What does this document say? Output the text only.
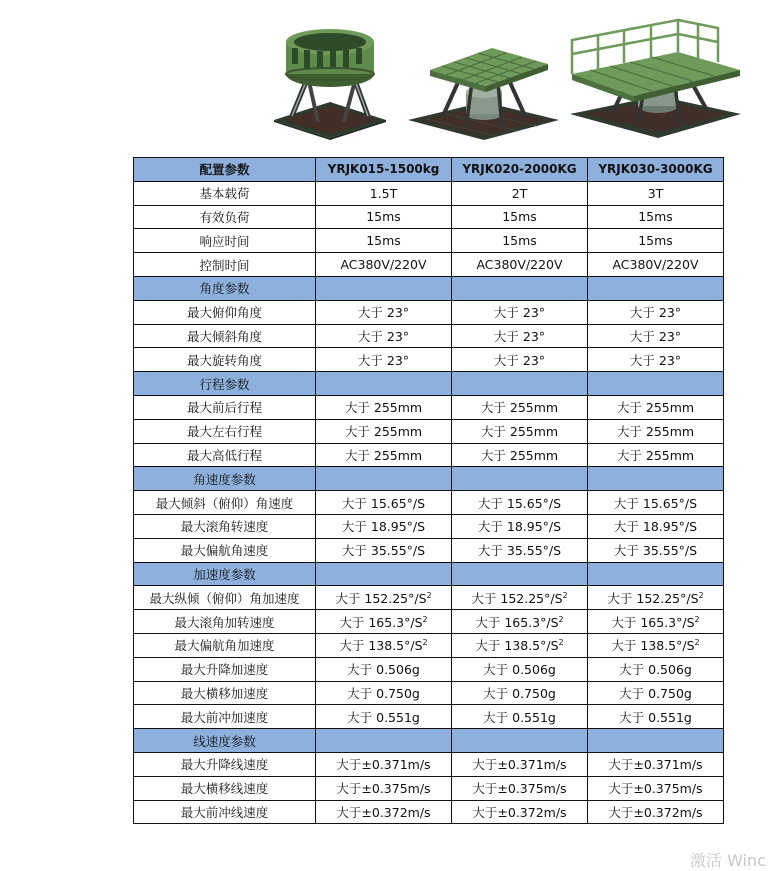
配置参数	YRJK015-1500kg	YRJK020-2000KG	YRJK030-3000KG
基本载荷	1.5T	2T	3T
有效负荷	15ms	15ms	15ms
响应时间	15ms	15ms	15ms
控制时间	AC380V/220V	AC380V/220V	AC380V/220V
角度参数			
最大俯仰角度	大于 23°	大于 23°	大于 23°
最大倾斜角度	大于 23°	大于 23°	大于 23°
最大旋转角度	大于 23°	大于 23°	大于 23°
行程参数			
最大前后行程	大于 255mm	大于 255mm	大于 255mm
最大左右行程	大于 255mm	大于 255mm	大于 255mm
最大高低行程	大于 255mm	大于 255mm	大于 255mm
角速度参数			
最大倾斜（俯仰）角速度	大于 15.65°/S	大于 15.65°/S	大于 15.65°/S
最大滚角转速度	大于 18.95°/S	大于 18.95°/S	大于 18.95°/S
最大偏航角速度	大于 35.55°/S	大于 35.55°/S	大于 35.55°/S
加速度参数			
最大纵倾（俯仰）角加速度	大于 $152.25^\circ/S^2$	大于 $152.25^\circ/S^2$	大于 $152.25^\circ/S^2$
最大滚角加转速度	大于 $165.3^\circ/S^2$	大于 $165.3^\circ/S^2$	大于 $165.3^\circ/S^2$
最大偏航角加速度	大于 $138.5^\circ/S^2$	大于 $138.5^\circ/S^2$	大于 $138.5^\circ/S^2$
最大升降加速度	大于 0.506g	大于 0.506g	大于 0.506g
最大横移加速度	大于 0.750g	大于 0.750g	大于 0.750g
最大前冲加速度	大于 0.551g	大于 0.551g	大于 0.551g
线速度参数			
最大升降线速度	大于±0.371m/s	大于±0.371m/s	大于±0.371m/s
最大横移线速度	大于±0.375m/s	大于±0.375m/s	大于±0.375m/s
最大前冲线速度	大于±0.372m/s	大于±0.372m/s	大于±0.372m/s
激活 Winc
